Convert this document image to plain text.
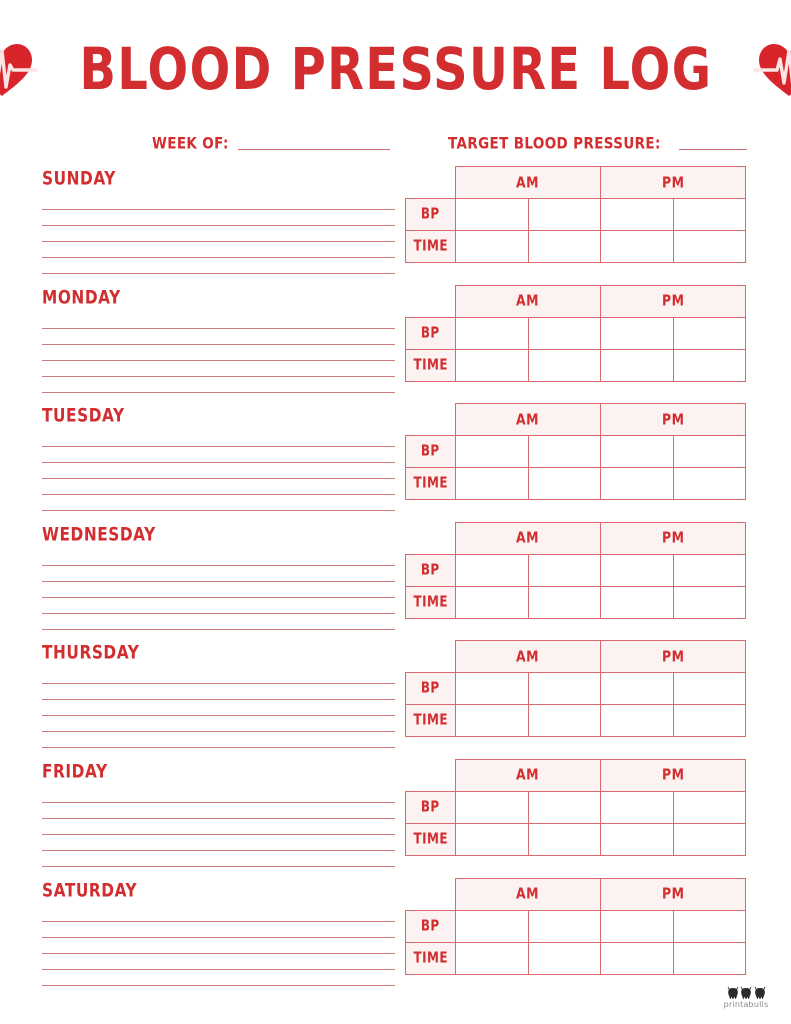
BLOOD PRESSURE LOG
WEEK OF:	TARGET BLOOD PRESSURE:
SUNDAY
		AM		PM	
BP				
TIME				
MONDAY
		AM		PM	
BP				
TIME				
TUESDAY
		AM		PM	
BP				
TIME				
WEDNESDAY
		AM		PM	
BP				
TIME				
THURSDAY
		AM		PM	
BP				
TIME				
FRIDAY
		AM		PM	
BP				
TIME				
SATURDAY
		AM		PM	
BP				
TIME				
printabulls
